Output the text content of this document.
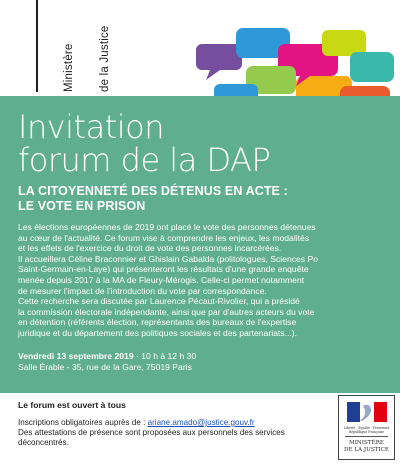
Ministère

de la Justice

Invitation
forum de la DAP
LA CITOYENNETÉ DES DÉTENUS EN ACTE :
LE VOTE EN PRISON
Les élections européennes de 2019 ont placé le vote des personnes détenues
au cœur de l'actualité. Ce forum vise à comprendre les enjeux, les modalités
et les effets de l'exercice du droit de vote des personnes incarcérées.
Il accueillera Céline Braconnier et Ghislain Gabalda (politologues, Sciences Po
Saint-Germain-en-Laye) qui présenteront les résultats d'une grande enquête
menée depuis 2017 à la MA de Fleury-Mérogis. Celle-ci permet notamment
de mesurer l'impact de l'introduction du vote par correspondance.
Cette recherche sera discutée par Laurence Pécaut-Rivolier, qui a présidé
la commission électorale indépendante, ainsi que par d'autres acteurs du vote
en détention (référents élection, représentants des bureaux de l'expertise
juridique et du département des politiques sociales et des partenariats...).
Vendredi 13 septembre 2019 · 10 h à 12 h 30
Salle Érable - 35, rue de la Gare, 75019 Paris

Le forum est ouvert à tous

Inscriptions obligatoires auprès de : ariane.amado@justice.gouv.fr

Des attestations de présence sont proposées aux personnels des services déconcentrés.

Liberté · Égalité · Fraternité
République Française
MINISTÈRE
DE LA JUSTICE
